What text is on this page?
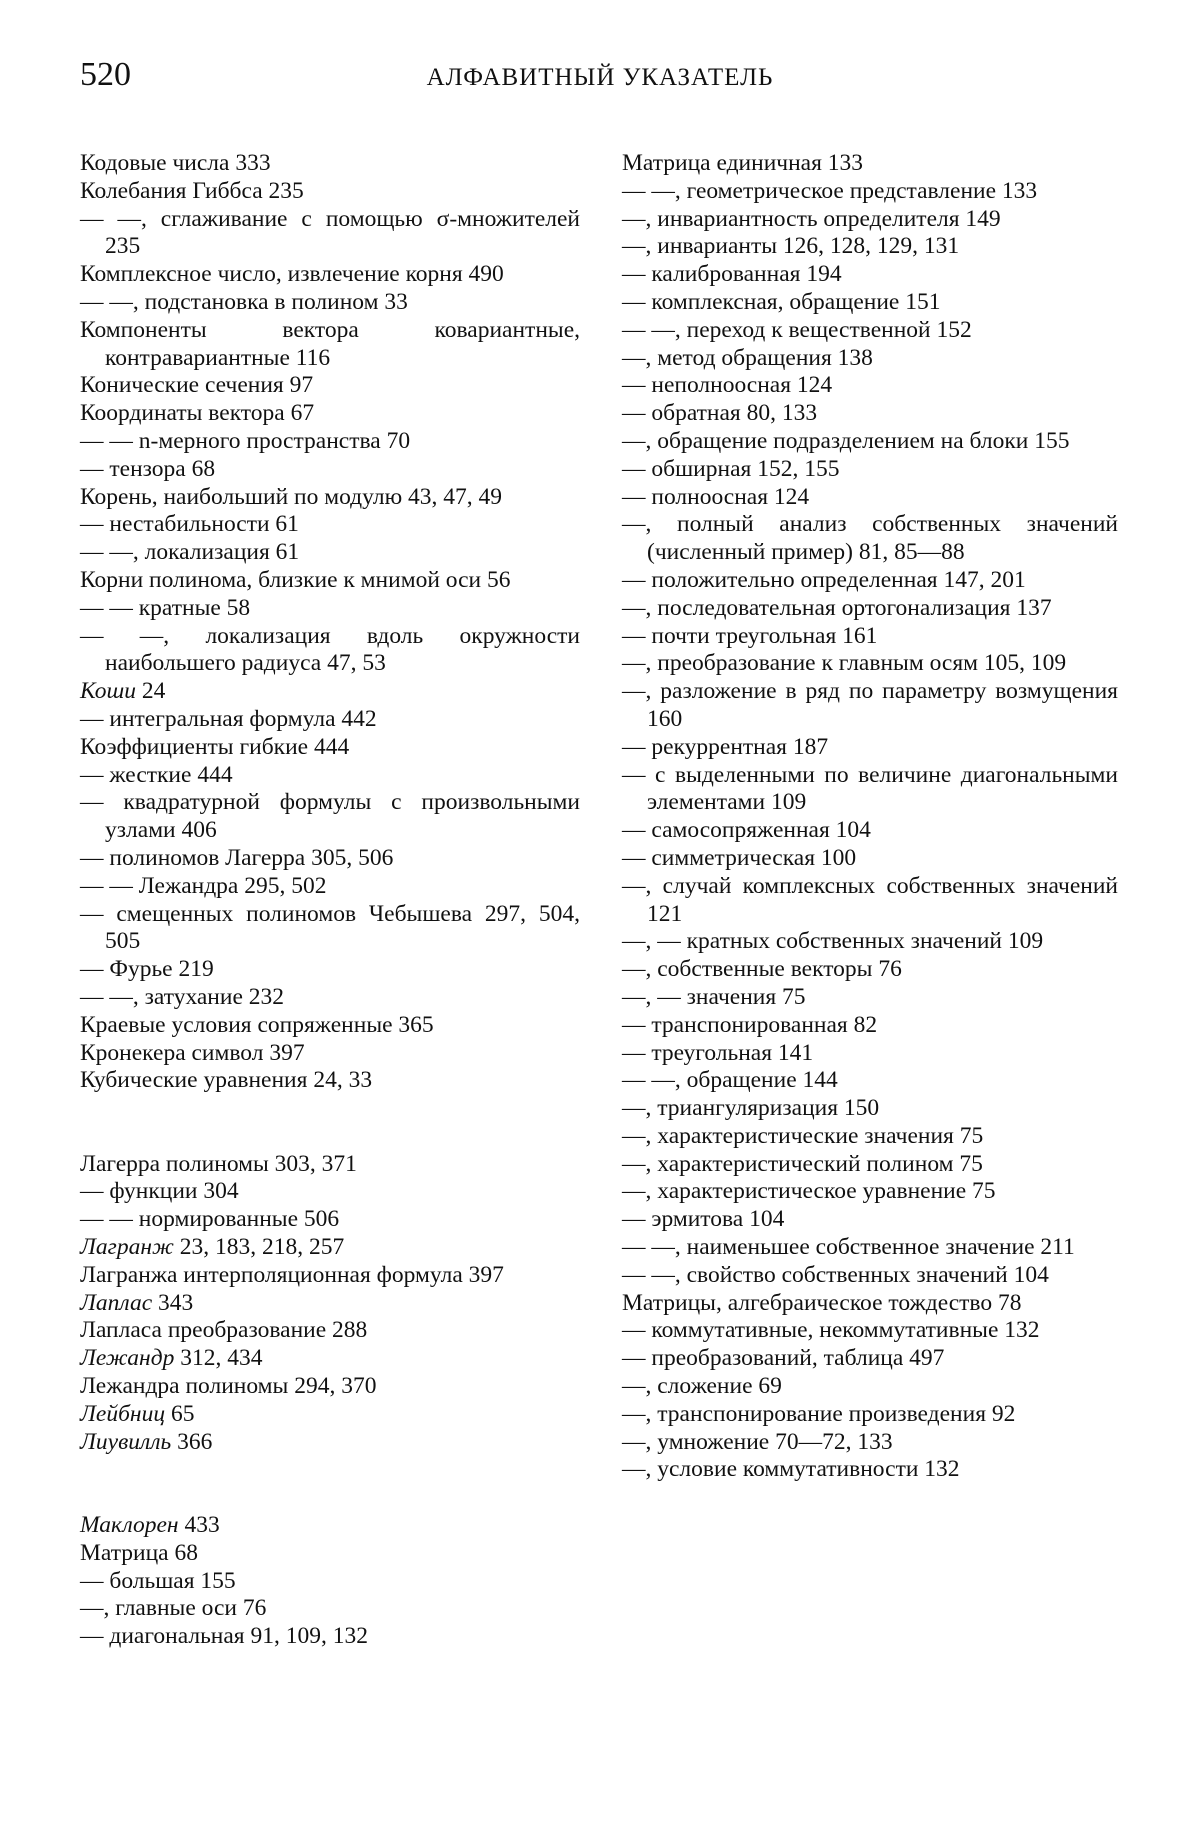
520	АЛФАВИТНЫЙ УКАЗАТЕЛЬ
Кодовые числа 333
Колебания Гиббса 235
— —, сглаживание с помощью σ-множителей 235
Комплексное число, извлечение корня 490
— —, подстановка в полином 33
Компоненты вектора ковариантные, контравариантные 116
Конические сечения 97
Координаты вектора 67
— — n-мерного пространства 70
— тензора 68
Корень, наибольший по модулю 43, 47, 49
— нестабильности 61
— —, локализация 61
Корни полинома, близкие к мнимой оси 56
— — кратные 58
— —, локализация вдоль окружности наибольшего радиуса 47, 53
Коши 24
— интегральная формула 442
Коэффициенты гибкие 444
— жесткие 444
— квадратурной формулы с произвольными узлами 406
— полиномов Лагерра 305, 506
— — Лежандра 295, 502
— смещенных полиномов Чебышева 297, 504, 505
— Фурье 219
— —, затухание 232
Краевые условия сопряженные 365
Кронекера символ 397
Кубические уравнения 24, 33
Лагерра полиномы 303, 371
— функции 304
— — нормированные 506
Лагранж 23, 183, 218, 257
Лагранжа интерполяционная формула 397
Лаплас 343
Лапласа преобразование 288
Лежандр 312, 434
Лежандра полиномы 294, 370
Лейбниц 65
Лиувилль 366
Маклорен 433
Матрица 68
— большая 155
—, главные оси 76
— диагональная 91, 109, 132
Матрица единичная 133
— —, геометрическое представление 133
—, инвариантность определителя 149
—, инварианты 126, 128, 129, 131
— калиброванная 194
— комплексная, обращение 151
— —, переход к вещественной 152
—, метод обращения 138
— неполноосная 124
— обратная 80, 133
—, обращение подразделением на блоки 155
— обширная 152, 155
— полноосная 124
—, полный анализ собственных значений (численный пример) 81, 85—88
— положительно определенная 147, 201
—, последовательная ортогонализация 137
— почти треугольная 161
—, преобразование к главным осям 105, 109
—, разложение в ряд по параметру возмущения 160
— рекуррентная 187
— с выделенными по величине диагональными элементами 109
— самосопряженная 104
— симметрическая 100
—, случай комплексных собственных значений 121
—, — кратных собственных значений 109
—, собственные векторы 76
—, — значения 75
— транспонированная 82
— треугольная 141
— —, обращение 144
—, триангуляризация 150
—, характеристические значения 75
—, характеристический полином 75
—, характеристическое уравнение 75
— эрмитова 104
— —, наименьшее собственное значение 211
— —, свойство собственных значений 104
Матрицы, алгебраическое тождество 78
— коммутативные, некоммутативные 132
— преобразований, таблица 497
—, сложение 69
—, транспонирование произведения 92
—, умножение 70—72, 133
—, условие коммутативности 132
